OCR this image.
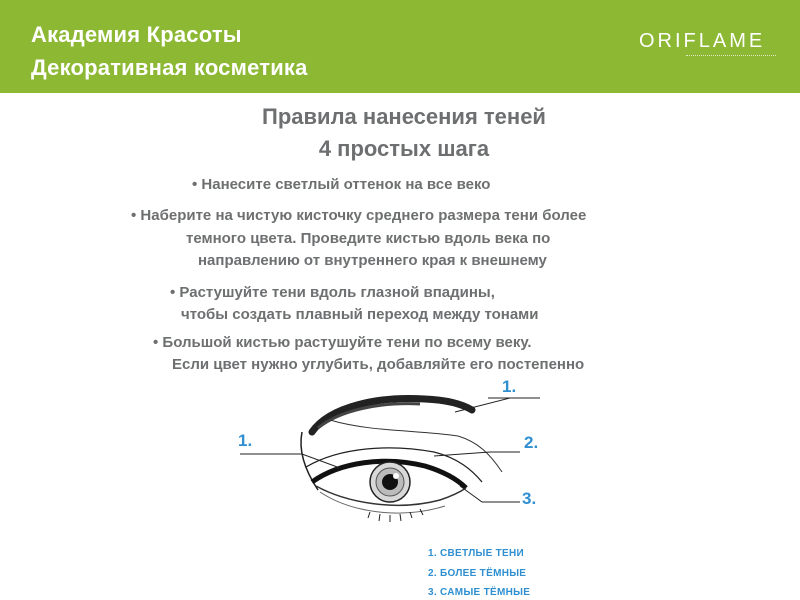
Академия Красоты
Декоративная косметика
ORIFLAME
Правила нанесения теней
4 простых шага
• Нанесите светлый оттенок на все веко
• Наберите на чистую кисточку среднего размера тени более
темного цвета. Проведите кистью вдоль века по
направлению от внутреннего края к внешнему
• Растушуйте тени вдоль глазной впадины,
чтобы создать плавный переход между тонами
• Большой кистью растушуйте тени по всему веку.
Если цвет нужно углубить, добавляйте его постепенно
1.
1.
2.
3.
1. СВЕТЛЫЕ ТЕНИ
2. БОЛЕЕ ТЁМНЫЕ
3. САМЫЕ ТЁМНЫЕ
